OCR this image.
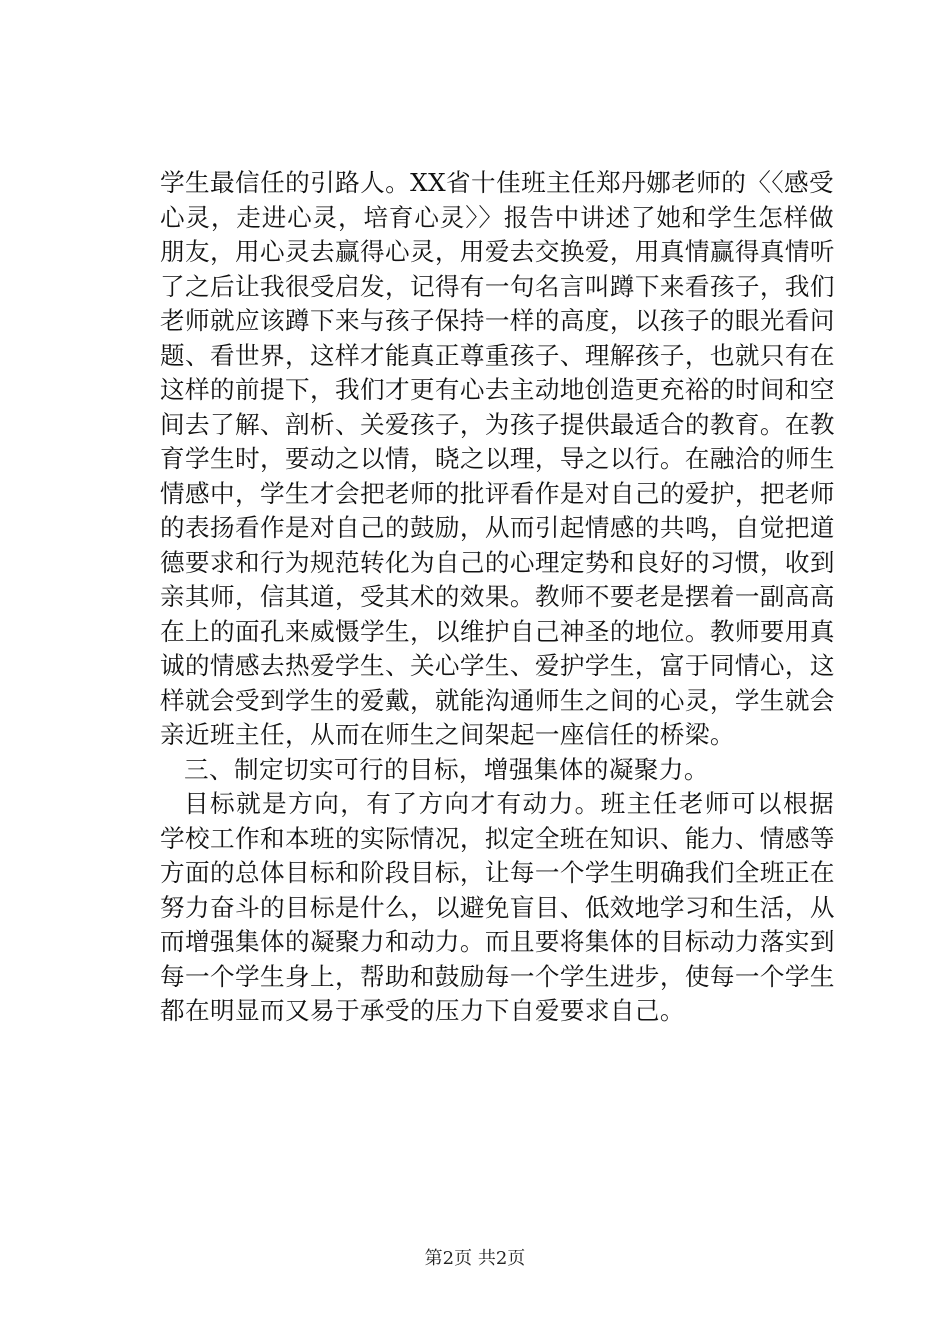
学生最信任的引路人。XX省十佳班主任郑丹娜老师的〈〈感受
心灵，走进心灵，培育心灵〉〉报告中讲述了她和学生怎样做
朋友，用心灵去赢得心灵，用爱去交换爱，用真情赢得真情听
了之后让我很受启发，记得有一句名言叫蹲下来看孩子，我们
老师就应该蹲下来与孩子保持一样的高度，以孩子的眼光看问
题、看世界，这样才能真正尊重孩子、理解孩子，也就只有在
这样的前提下，我们才更有心去主动地创造更充裕的时间和空
间去了解、剖析、关爱孩子，为孩子提供最适合的教育。在教
育学生时，要动之以情，晓之以理，导之以行。在融洽的师生
情感中，学生才会把老师的批评看作是对自己的爱护，把老师
的表扬看作是对自己的鼓励，从而引起情感的共鸣，自觉把道
德要求和行为规范转化为自己的心理定势和良好的习惯，收到
亲其师，信其道，受其术的效果。教师不要老是摆着一副高高
在上的面孔来威慑学生，以维护自己神圣的地位。教师要用真
诚的情感去热爱学生、关心学生、爱护学生，富于同情心，这
样就会受到学生的爱戴，就能沟通师生之间的心灵，学生就会
亲近班主任，从而在师生之间架起一座信任的桥梁。
三、制定切实可行的目标，增强集体的凝聚力。
目标就是方向，有了方向才有动力。班主任老师可以根据
学校工作和本班的实际情况，拟定全班在知识、能力、情感等
方面的总体目标和阶段目标，让每一个学生明确我们全班正在
努力奋斗的目标是什么，以避免盲目、低效地学习和生活，从
而增强集体的凝聚力和动力。而且要将集体的目标动力落实到
每一个学生身上，帮助和鼓励每一个学生进步，使每一个学生
都在明显而又易于承受的压力下自爱要求自己。
第2页 共2页
